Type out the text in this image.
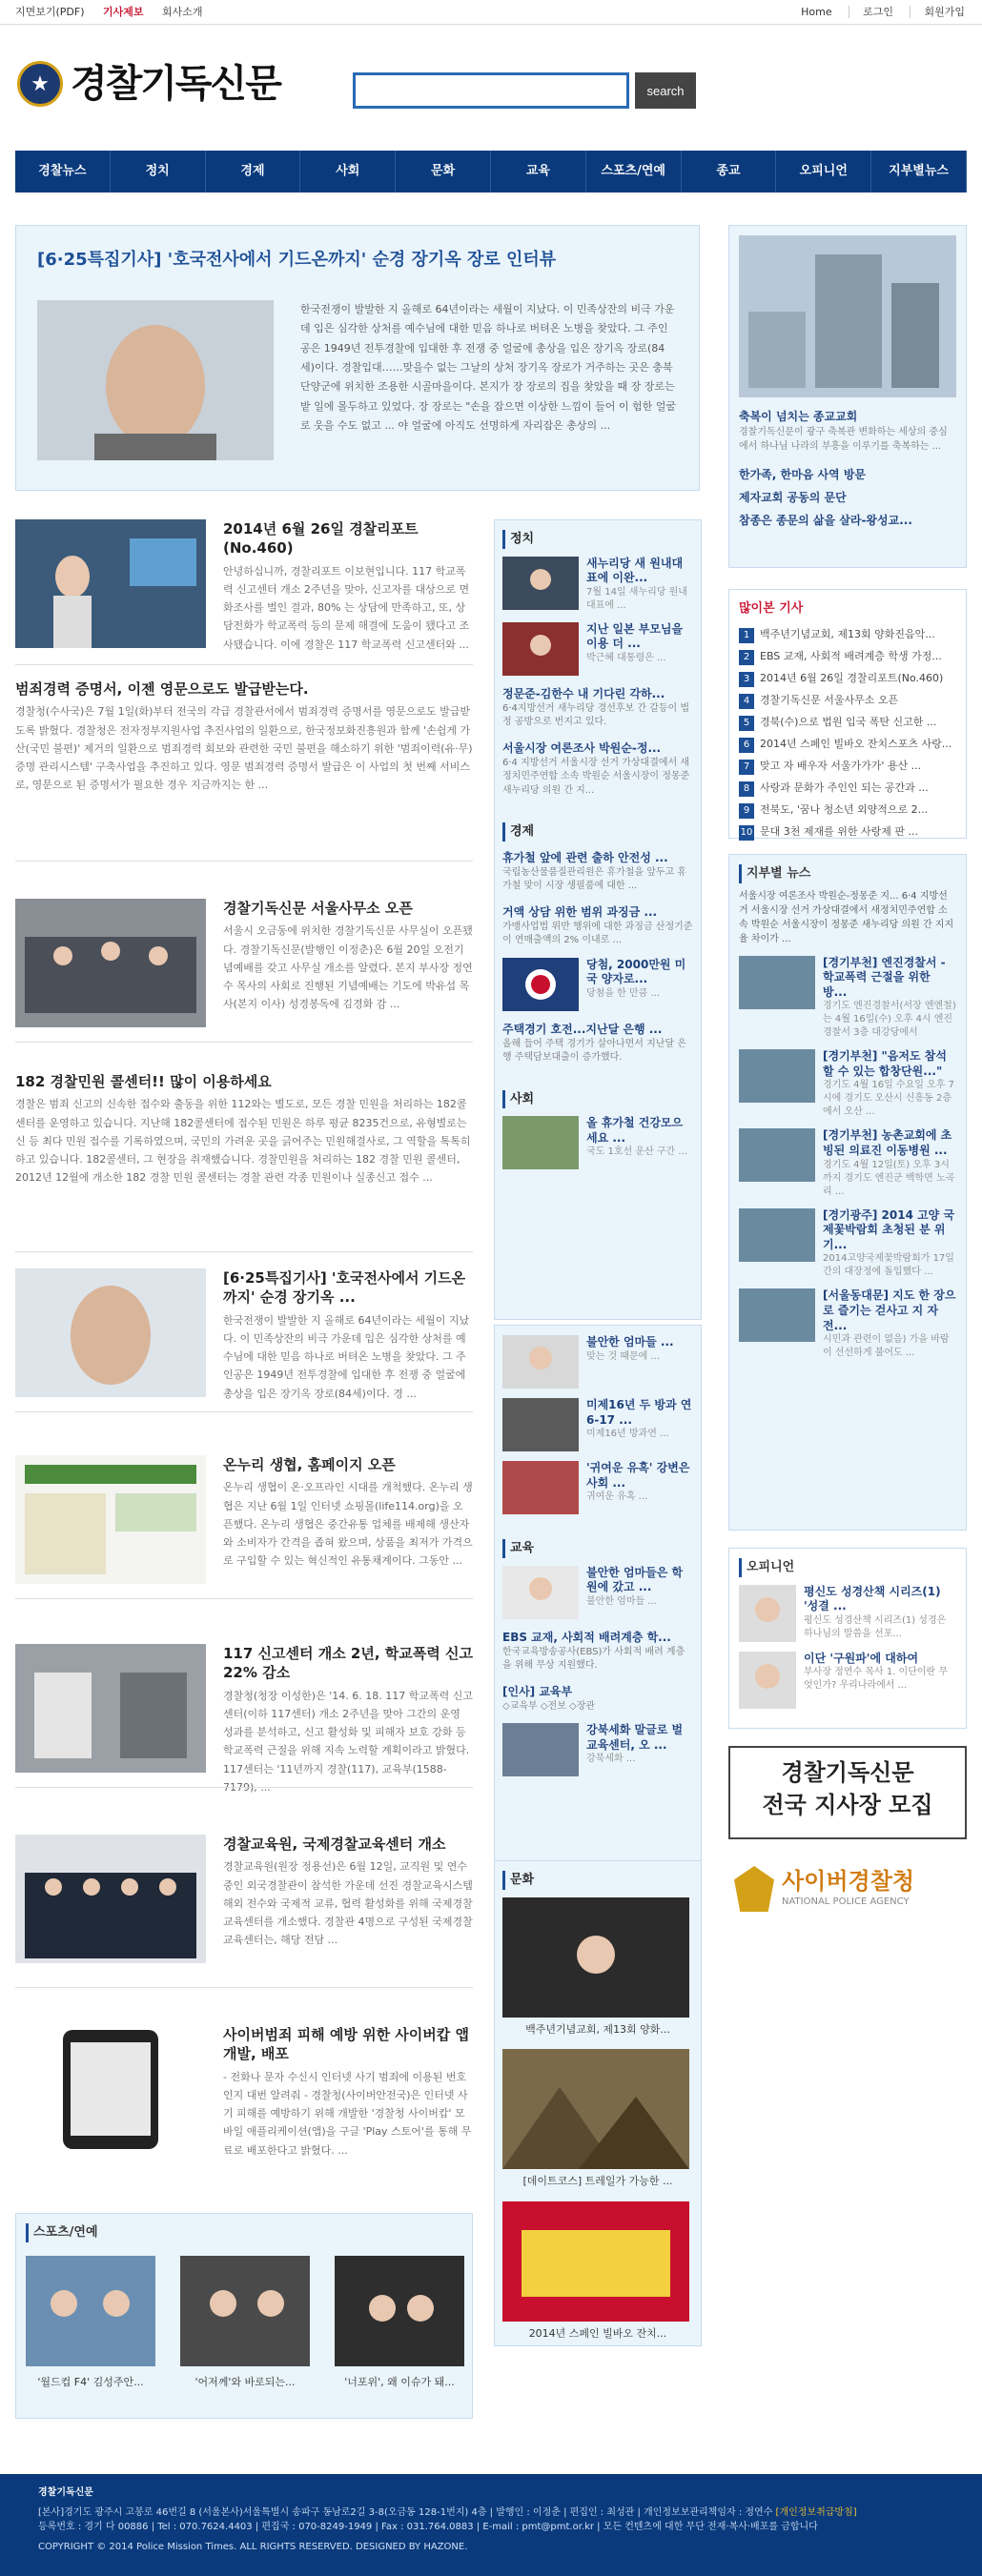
지면보기(PDF) 기사제보 회사소개	Home	로그인	회원가입
★ 경찰기독신문	search
경찰뉴스	정치	경제	사회	문화	교육	스포츠/연예	종교	오피니언	지부별뉴스
[6·25특집기사] '호국전사에서 기드온까지' 순경 장기옥 장로 인터뷰
한국전쟁이 발발한 지 올해로 64년이라는 세월이 지났다. 이 민족상잔의 비극 가운데 입은 심각한 상처를 예수님에 대한 믿음 하나로 버텨온 노병을 찾았다. 그 주인공은 1949년 전투경찰에 입대한 후 전쟁 중 얼굴에 총상을 입은 장기옥 장로(84세)이다. 경찰입대……맞을수 없는 그날의 상처 장기옥 장로가 거주하는 곳은 충북 단양군에 위치한 조용한 시골마을이다. 본지가 장 장로의 집을 찾았을 때 장 장로는 밭 일에 몰두하고 있었다. 장 장로는 "손을 잡으면 이상한 느낌이 들어 이 험한 얼굴로 웃을 수도 없고 ... 야 얼굴에 아직도 선명하게 자리잡은 총상의 ...
2014년 6월 26일 경찰리포트 (No.460)

안녕하십니까, 경찰리포트 이보현입니다. 117 학교폭력 신고센터 개소 2주년을 맞아, 신고자를 대상으로 면화조사를 벌인 결과, 80% 는 상담에 만족하고, 또, 상담전화가 학교폭력 등의 문제 해결에 도움이 됐다고 조사됐습니다. 이에 경찰은 117 학교폭력 신고센터와 ...

범죄경력 증명서, 이젠 영문으로도 발급받는다.

경찰청(수사국)은 7월 1일(화)부터 전국의 각급 경찰관서에서 범죄경력 증명서를 영문으로도 발급받도록 밝혔다. 경찰청은 전자정부지원사업 추진사업의 일환으로, 한국정보화진흥원과 함께 '손쉽게 가산(국민 불편)' 제거의 일환으로 범죄경력 회보와 관련한 국민 불편을 해소하기 위한 '범죄이력(유·무)증명 관리시스템' 구축사업을 추진하고 있다. 영문 범죄경력 증명서 발급은 이 사업의 첫 번째 서비스로, 영문으로 된 증명서가 필요한 경우 지금까지는 한 ...

경찰기독신문 서울사무소 오픈

서울시 오금동에 위치한 경찰기독신문 사무실이 오픈됐다. 경찰기독신문(발행인 이정춘)은 6월 20일 오전기념예배를 갖고 사무실 개소를 알렸다. 본지 부사장 정연수 목사의 사회로 진행된 기념예배는 기도에 박유섭 목사(본지 이사) 성경봉독에 김경화 감 ...

182 경찰민원 콜센터!! 많이 이용하세요

경찰은 범죄 신고의 신속한 접수와 출동을 위한 112와는 별도로, 모든 경찰 민원을 처리하는 182콜센터를 운영하고 있습니다. 지난해 182콜센터에 접수된 민원은 하루 평균 8235건으로, 유형별로는 신 등 최다 민원 접수를 기록하였으며, 국민의 가려운 곳을 긁어주는 민원해결사로, 그 역할을 톡톡히 하고 있습니다. 182콜센터, 그 현장을 취재했습니다. 경찰민원을 처리하는 182 경찰 민원 콜센터, 2012년 12월에 개소한 182 경찰 민원 콜센터는 경찰 관련 각종 민원이나 실종신고 접수 ...

[6·25특집기사] '호국전사에서 기드온까지' 순경 장기옥 ...

한국전쟁이 발발한 지 올해로 64년이라는 세월이 지났다. 이 민족상잔의 비극 가운데 입은 심각한 상처를 예수님에 대한 믿음 하나로 버텨온 노병을 찾았다. 그 주인공은 1949년 전투경찰에 입대한 후 전쟁 중 얼굴에 총상을 입은 장기옥 장로(84세)이다. 경 ...

온누리 생협, 홈페이지 오픈

온누리 생협이 온·오프라인 시대를 개척했다. 온누리 생협은 지난 6월 1일 인터넷 쇼핑몰(life114.org)을 오픈했다. 온누리 생협은 중간유통 업체를 배제해 생산자와 소비자가 간격을 좁혀 왔으며, 상품을 최저가 가격으로 구입할 수 있는 혁신적인 유통채계이다. 그동안 ...

117 신고센터 개소 2년, 학교폭력 신고 22% 감소

경찰청(청장 이성한)은 '14. 6. 18. 117 학교폭력 신고센터(이하 117센터) 개소 2주년을 맞아 그간의 운영 성과를 분석하고, 신고 활성화 및 피해자 보호 강화 등 학교폭력 근절을 위해 지속 노력할 계획이라고 밝혔다. 117센터는 '11년까지 경찰(117), 교육부(1588-7179), ...

경찰교육원, 국제경찰교육센터 개소

경찰교육원(원장 정용선)은 6월 12일, 교직원 및 연수중인 외국경찰관이 참석한 가운데 선진 경찰교육시스템 해외 전수와 국제적 교류, 협력 활성화를 위해 국제경찰교육센터를 개소했다. 경찰관 4명으로 구성된 국제경찰교육센터는, 해당 전담 ...

사이버범죄 피해 예방 위한 사이버캅 앱 개발, 배포

- 전화나 문자 수신시 인터넷 사기 범죄에 이용된 번호인지 대번 알려줘 - 경찰청(사이버안전국)은 인터넷 사기 피해를 예방하기 위해 개발한 '경찰청 사이버캅' 모바일 애플리케이션(앱)을 구글 'Play 스토어'를 통해 무료로 배포한다고 밝혔다. ...

스포츠/연예
'월드컵 F4' 김성주안...	'어저께'와 바로되는...	'너포위', 왜 이슈가 돼...
정치
새누리당 새 원내대표에 이완...

7월 14일 새누리당 원내대표에 ...

지난 일본 부모님을 이용 더 ...

박근혜 대통령은 ...

정문준-김한수 내 기다린 각하...

6·4지방선거 새누리당 경선후보 간 갈등이 법정 공방으로 번지고 있다.

서울시장 여론조사 박원순-정...

6·4 지방선거 서울시장 선거 가상대결에서 새정치민주연합 소속 박원순 서울시장이 정몽준 새누리당 의원 간 지...

경제
휴가철 앞에 관련 출하 안전성 ...

국립농산물품질관리원은 휴가철을 앞두고 휴가철 맞이 시장 생필품에 대한 ...

거액 상담 위한 범위 과징금 ...

가맹사업법 위반 행위에 대한 과징금 산정기준이 연매출액의 2% 이내로 ...

당첨, 2000만원 미국 양자로...

당첨을 한 만큼 ...

주택경기 호전...지난달 은행 ...

올해 들어 주택 경기가 살아나면서 지난달 은행 주택담보대출이 증가했다.

사회
올 휴가철 건강모으세요 ...

국도 1호선 운산 구간 ...

불안한 엄마들 ...

맞는 것 때문에 ...

미제16년 두 방과 연 6-17 ...

미제16년 방과연 ...

'귀여운 유혹' 강변은 사회 ...

귀여운 유혹 ...

교육
불안한 엄마들은 학원에 갔고 ...

불안한 엄마들 ...

EBS 교재, 사회적 배려계층 학...

한국교육방송공사(EBS)가 사회적 배려 계층을 위해 무상 지원했다.

[인사] 교육부

◇교육부 ◇전보 ◇장관

강북세화 말글로 벌교육센터, 오 ...

강북세화 ...

문화
백주년기념교회, 제13회 양화...
[데이트코스] 트레일가 가능한 ...
2014년 스페인 빌바오 잔치...
축복이 넘치는 종교교회
경찰기독신문이 광구 축복관 변화하는 세상의 중심에서 하나님 나라의 부흥을 이루기를 축복하는 ...
한가족, 한마음 사역 방문
제자교회 공동의 문단
참종은 종문의 삶을 살라-왕성교...
많이본 기사
1 백주년기념교회, 제13회 양화진음악...
2 EBS 교재, 사회적 배려계층 학생 가정...
3 2014년 6월 26일 경찰리포트(No.460)
4 경찰기독신문 서울사무소 오픈
5 경북(수)으로 법원 입국 폭탄 신고한 ...
6 2014년 스페인 빌바오 잔치스포츠 사랑...
7 맞고 자 배우자 서울가가가' 용산 ...
8 사랑과 문화가 주인인 되는 공간과 ...
9 전북도, '꿈나 청소년 외양적으로 2...
10 문대 3천 제재를 위한 사랑제 판 ...
지부별 뉴스
서울시장 여론조사 박원순-정몽준 지... 6·4 지방선거 서울시장 선거 가상대결에서 새정치민주연합 소속 박원순 서울시장이 정몽준 새누리당 의원 간 지지율 차이가 ...
[경기부천] 엔진경찰서 -학교폭력 근절을 위한 방...

경기도 엔진경찰서(서장 엔엔철)는 4월 16일(수) 오후 4시 엔진경찰서 3층 대강당에서

[경기부천] "음저도 참석 할 수 있는 합창단원..."

경기도 4월 16일 수요일 오후 7시에 경기도 오산시 신흥동 2층에서 오산 ...

[경기부천] 농촌교회에 초빙된 의료진 이동병원 ...

경기도 4월 12일(토) 오후 3시까지 경기도 엔진군 백학면 노곡리 ...

[경기광주] 2014 고양 국제꽃박람회 초청된 분 위기...

2014고양국제꽃박람회가 17일 간의 대장정에 돌입했다 ...

[서울동대문] 지도 한 장으로 즐기는 걷사고 지 자전...

시민과 관련이 없음) 가을 바람이 선선하게 불어도 ...

오피니언
평신도 성경산책 시리즈(1) '성결 ...

평신도 성경산책 시리즈(1) 성경은 하나님의 말씀을 선포...

이단 '구원파'에 대하여

부사장 정연수 목사 1. 이단이란 무엇인가? 우리나라에서 ...

경찰기독신문
전국 지사장 모집
사이버경찰청
NATIONAL POLICE AGENCY
경찰기독신문
[본사]경기도 광주시 고봉로 46번길 8 (서울본사)서울특별시 송파구 동남로2길 3-8(오금동 128-1번지) 4층 | 발행인 : 이정춘 | 편집인 : 최성관 | 개인정보보관리책임자 : 정연수 [개인정보취급방침]
등록번호 : 경기 다 00886 | Tel : 070.7624.4403 | 편집국 : 070-8249-1949 | Fax : 031.764.0883 | E-mail : pmt@pmt.or.kr | 모든 컨텐츠에 대한 무단 전재·복사·배포를 금합니다
COPYRIGHT © 2014 Police Mission Times. ALL RIGHTS RESERVED. DESIGNED BY HAZONE.
